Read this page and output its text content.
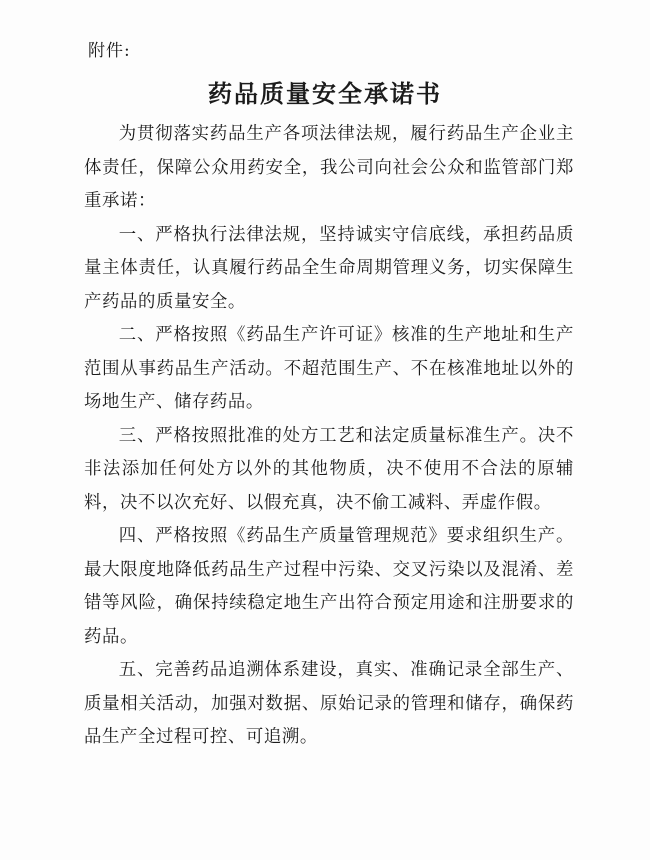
附件:
药品质量安全承诺书

为贯彻落实药品生产各项法律法规，履行药品生产企业主体责任，保障公众用药安全，我公司向社会公众和监管部门郑重承诺：

一、严格执行法律法规，坚持诚实守信底线，承担药品质量主体责任，认真履行药品全生命周期管理义务，切实保障生产药品的质量安全。

二、严格按照《药品生产许可证》核准的生产地址和生产范围从事药品生产活动。不超范围生产、不在核准地址以外的场地生产、储存药品。

三、严格按照批准的处方工艺和法定质量标准生产。决不非法添加任何处方以外的其他物质，决不使用不合法的原辅料，决不以次充好、以假充真，决不偷工减料、弄虚作假。

四、严格按照《药品生产质量管理规范》要求组织生产。最大限度地降低药品生产过程中污染、交叉污染以及混淆、差错等风险，确保持续稳定地生产出符合预定用途和注册要求的药品。

五、完善药品追溯体系建设，真实、准确记录全部生产、质量相关活动，加强对数据、原始记录的管理和储存，确保药品生产全过程可控、可追溯。
